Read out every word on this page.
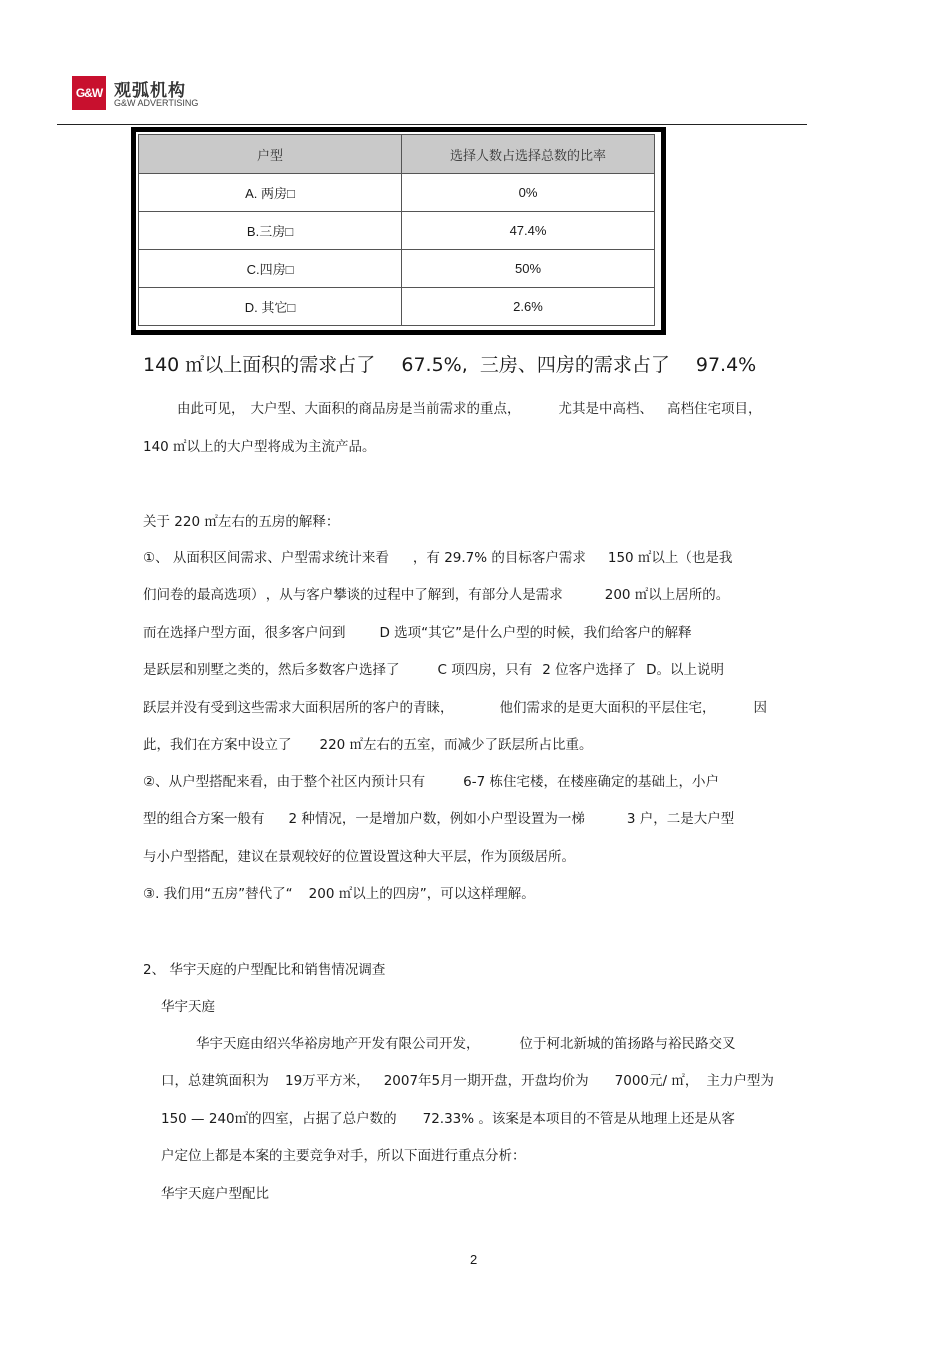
G&W 观弧机构
G&W ADVERTISING
户型	选择人数占选择总数的比率
A. 两房□	0%
B.三房□	47.4%
C.四房□	50%
D. 其它□	2.6%
140 ㎡以上面积的需求占了 67.5%, 三房、四房的需求占了 97.4%
由此可见， 大户型、大面积的商品房是当前需求的重点，	尤其是中高档、 高档住宅项目，
140 ㎡以上的大户型将成为主流产品。
关于 220 ㎡左右的五房的解释：
①、 从面积区间需求、户型需求统计来看 ，有 29.7% 的目标客户需求 150 ㎡以上（也是我
们问卷的最高选项） ，从与客户攀谈的过程中了解到，有部分人是需求	200 ㎡以上居所的。
而在选择户型方面，很多客户问到	D 选项“其它”是什么户型的时候，我们给客户的解释
是跃层和别墅之类的，然后多数客户选择了	C 项四房，只有 2 位客户选择了 D。以上说明
跃层并没有受到这些需求大面积居所的客户的青睐，	他们需求的是更大面积的平层住宅，	因
此，我们在方案中设立了 220 ㎡左右的五室，而减少了跃层所占比重。
②、从户型搭配来看，由于整个社区内预计只有	6-7 栋住宅楼，在楼座确定的基础上，小户
型的组合方案一般有 2 种情况，一是增加户数，例如小户型设置为一梯	3 户，二是大户型
与小户型搭配，建议在景观较好的位置设置这种大平层，作为顶级居所。
③. 我们用“五房”替代了“ 200 ㎡以上的四房”，可以这样理解。
2、 华宇天庭的户型配比和销售情况调查
华宇天庭
华宇天庭由绍兴华裕房地产开发有限公司开发，	位于柯北新城的笛扬路与裕民路交叉
口，总建筑面积为 19万平方米， 2007年5月一期开盘，开盘均价为 7000元/ ㎡， 主力户型为
150 — 240㎡的四室，占据了总户数的 72.33% 。该案是本项目的不管是从地理上还是从客
户定位上都是本案的主要竞争对手，所以下面进行重点分析：
华宇天庭户型配比
2
